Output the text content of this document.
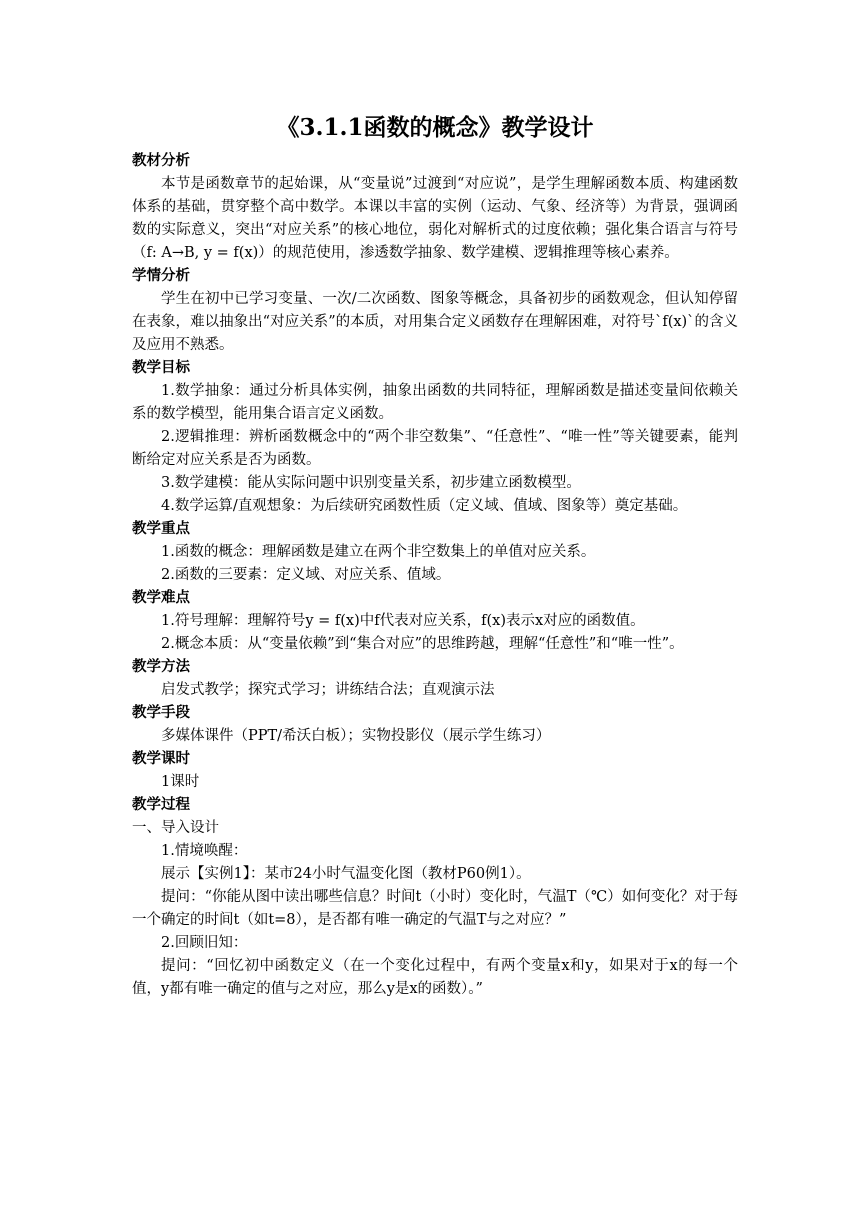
《3.1.1函数的概念》教学设计
教材分析
本节是函数章节的起始课，从“变量说”过渡到“对应说”，是学生理解函数本质、构建函数体系的基础，贯穿整个高中数学。本课以丰富的实例（运动、气象、经济等）为背景，强调函数的实际意义，突出“对应关系”的核心地位，弱化对解析式的过度依赖；强化集合语言与符号（f: A→B, y = f(x)）的规范使用，渗透数学抽象、数学建模、逻辑推理等核心素养。
学情分析
学生在初中已学习变量、一次/二次函数、图象等概念，具备初步的函数观念，但认知停留在表象，难以抽象出“对应关系”的本质，对用集合定义函数存在理解困难，对符号`f(x)`的含义及应用不熟悉。
教学目标
1.数学抽象：通过分析具体实例，抽象出函数的共同特征，理解函数是描述变量间依赖关系的数学模型，能用集合语言定义函数。
2.逻辑推理：辨析函数概念中的“两个非空数集”、“任意性”、“唯一性”等关键要素，能判断给定对应关系是否为函数。
3.数学建模：能从实际问题中识别变量关系，初步建立函数模型。
4.数学运算/直观想象：为后续研究函数性质（定义域、值域、图象等）奠定基础。
教学重点
1.函数的概念：理解函数是建立在两个非空数集上的单值对应关系。
2.函数的三要素：定义域、对应关系、值域。
教学难点
1.符号理解：理解符号y = f(x)中f代表对应关系，f(x)表示x对应的函数值。
2.概念本质：从“变量依赖”到“集合对应”的思维跨越，理解“任意性”和“唯一性”。
教学方法
启发式教学；探究式学习；讲练结合法；直观演示法
教学手段
多媒体课件（PPT/希沃白板）；实物投影仪（展示学生练习）
教学课时
1课时
教学过程
一、导入设计
1.情境唤醒：
展示【实例1】：某市24小时气温变化图（教材P60例1）。
提问：“你能从图中读出哪些信息？时间t（小时）变化时，气温T（℃）如何变化？对于每一个确定的时间t（如t=8），是否都有唯一确定的气温T与之对应？”
2.回顾旧知：
提问：“回忆初中函数定义（在一个变化过程中，有两个变量x和y，如果对于x的每一个值，y都有唯一确定的值与之对应，那么y是x的函数）。”
